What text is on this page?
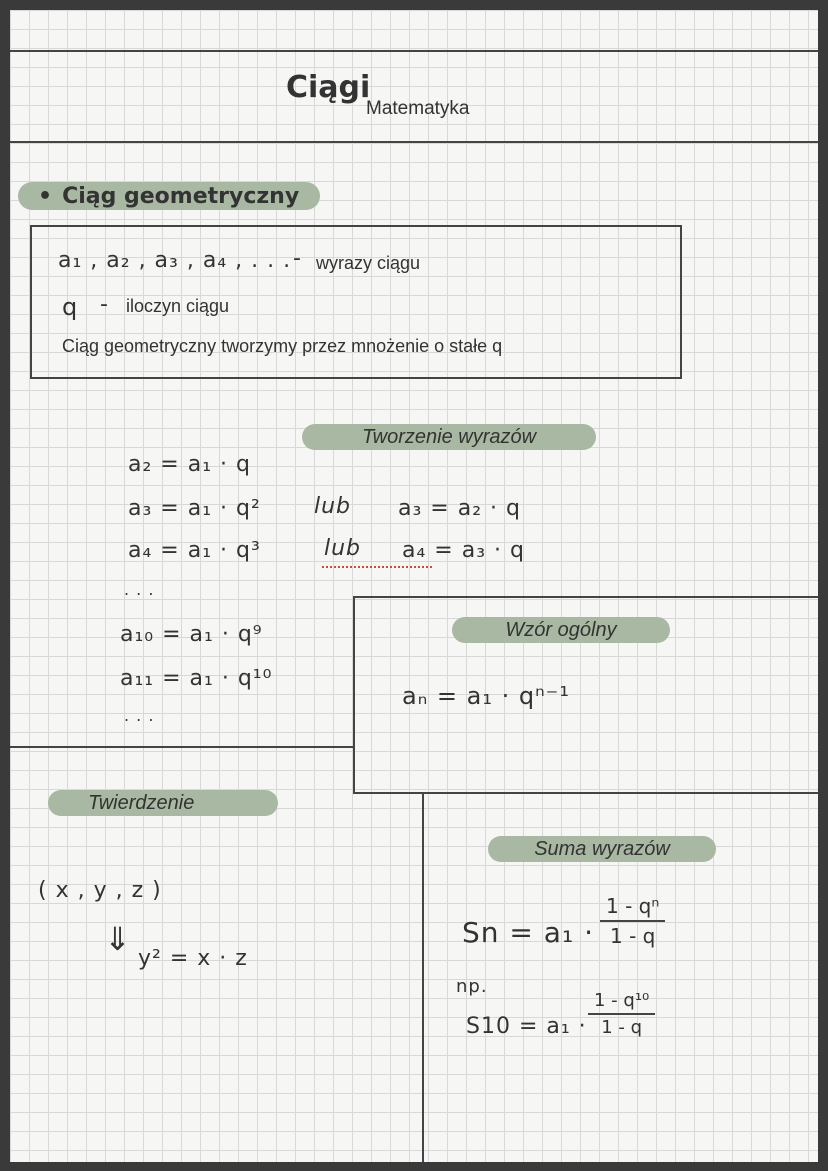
Ciągi
Matematyka
• Ciąg geometryczny
a₁ , a₂ , a₃ , a₄ , . . . - wyrazy ciągu
q - iloczyn ciągu
Ciąg geometryczny tworzymy przez mnożenie o stałe q
Tworzenie wyrazów
a₂ = a₁ · q
a₃ = a₁ · q² lub a₃ = a₂ · q
a₄ = a₁ · q³	lub a₄ = a₃ · q
. . .
a₁₀ = a₁ · q⁹
a₁₁ = a₁ · q¹⁰
. . .
Wzór ogólny
aₙ = a₁ · qⁿ⁻¹
Twierdzenie
( x , y , z )
⇓
y² = x · z
Suma wyrazów
Sn = a₁ ·
1 - qⁿ
1 - q
np.
S10 = a₁ ·
1 - q¹⁰
1 - q
